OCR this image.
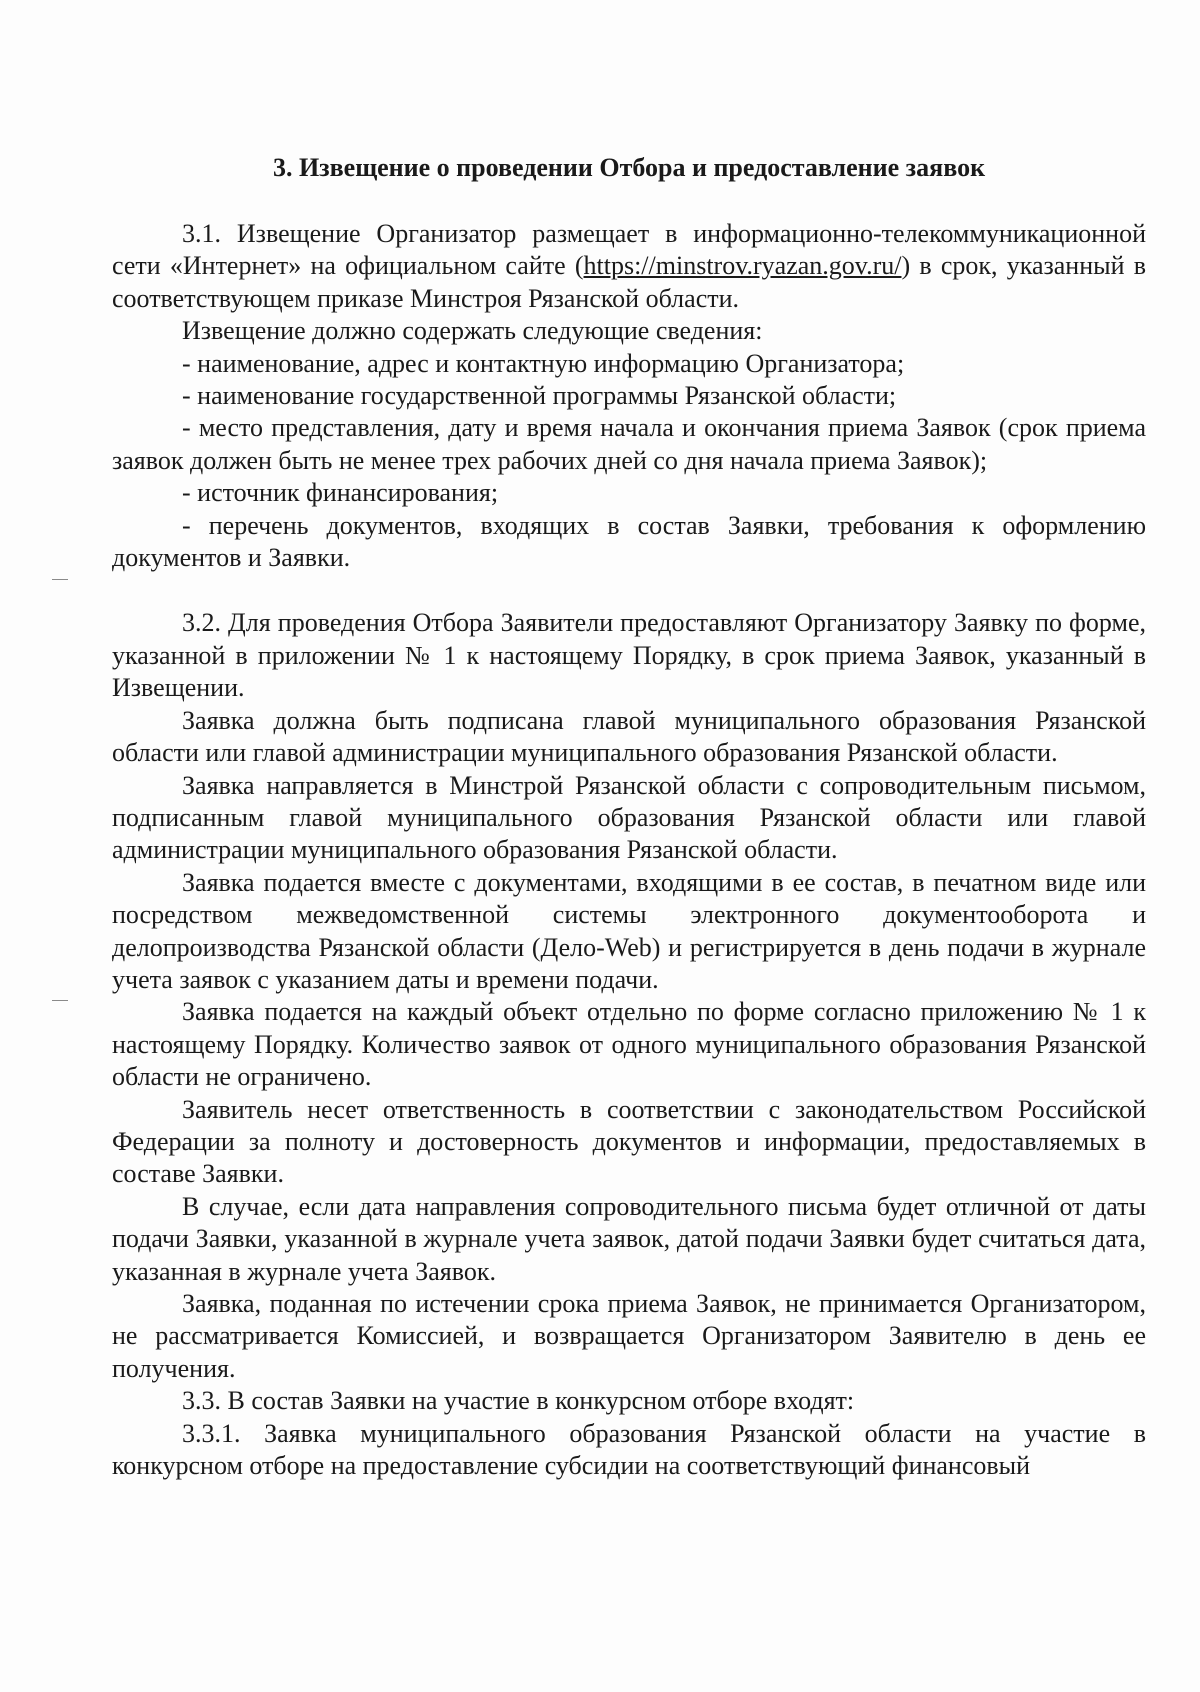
3. Извещение о проведении Отбора и предоставление заявок

3.1. Извещение Организатор размещает в информационно-телекоммуникационной сети «Интернет» на официальном сайте (https://minstrov.ryazan.gov.ru/) в срок, указанный в соответствующем приказе Минстроя Рязанской области.

Извещение должно содержать следующие сведения:

- наименование, адрес и контактную информацию Организатора;

- наименование государственной программы Рязанской области;

- место представления, дату и время начала и окончания приема Заявок (срок приема заявок должен быть не менее трех рабочих дней со дня начала приема Заявок);

- источник финансирования;

- перечень документов, входящих в состав Заявки, требования к оформлению документов и Заявки.

3.2. Для проведения Отбора Заявители предоставляют Организатору Заявку по форме, указанной в приложении № 1 к настоящему Порядку, в срок приема Заявок, указанный в Извещении.

Заявка должна быть подписана главой муниципального образования Рязанской области или главой администрации муниципального образования Рязанской области.

Заявка направляется в Минстрой Рязанской области с сопроводительным письмом, подписанным главой муниципального образования Рязанской области или главой администрации муниципального образования Рязанской области.

Заявка подается вместе с документами, входящими в ее состав, в печатном виде или посредством межведомственной системы электронного документооборота и делопроизводства Рязанской области (Дело-Web) и регистрируется в день подачи в журнале учета заявок с указанием даты и времени подачи.

Заявка подается на каждый объект отдельно по форме согласно приложению № 1 к настоящему Порядку. Количество заявок от одного муниципального образования Рязанской области не ограничено.

Заявитель несет ответственность в соответствии с законодательством Российской Федерации за полноту и достоверность документов и информации, предоставляемых в составе Заявки.

В случае, если дата направления сопроводительного письма будет отличной от даты подачи Заявки, указанной в журнале учета заявок, датой подачи Заявки будет считаться дата, указанная в журнале учета Заявок.

Заявка, поданная по истечении срока приема Заявок, не принимается Организатором, не рассматривается Комиссией, и возвращается Организатором Заявителю в день ее получения.

3.3. В состав Заявки на участие в конкурсном отборе входят:

3.3.1. Заявка муниципального образования Рязанской области на участие в конкурсном отборе на предоставление субсидии на соответствующий финансовый
